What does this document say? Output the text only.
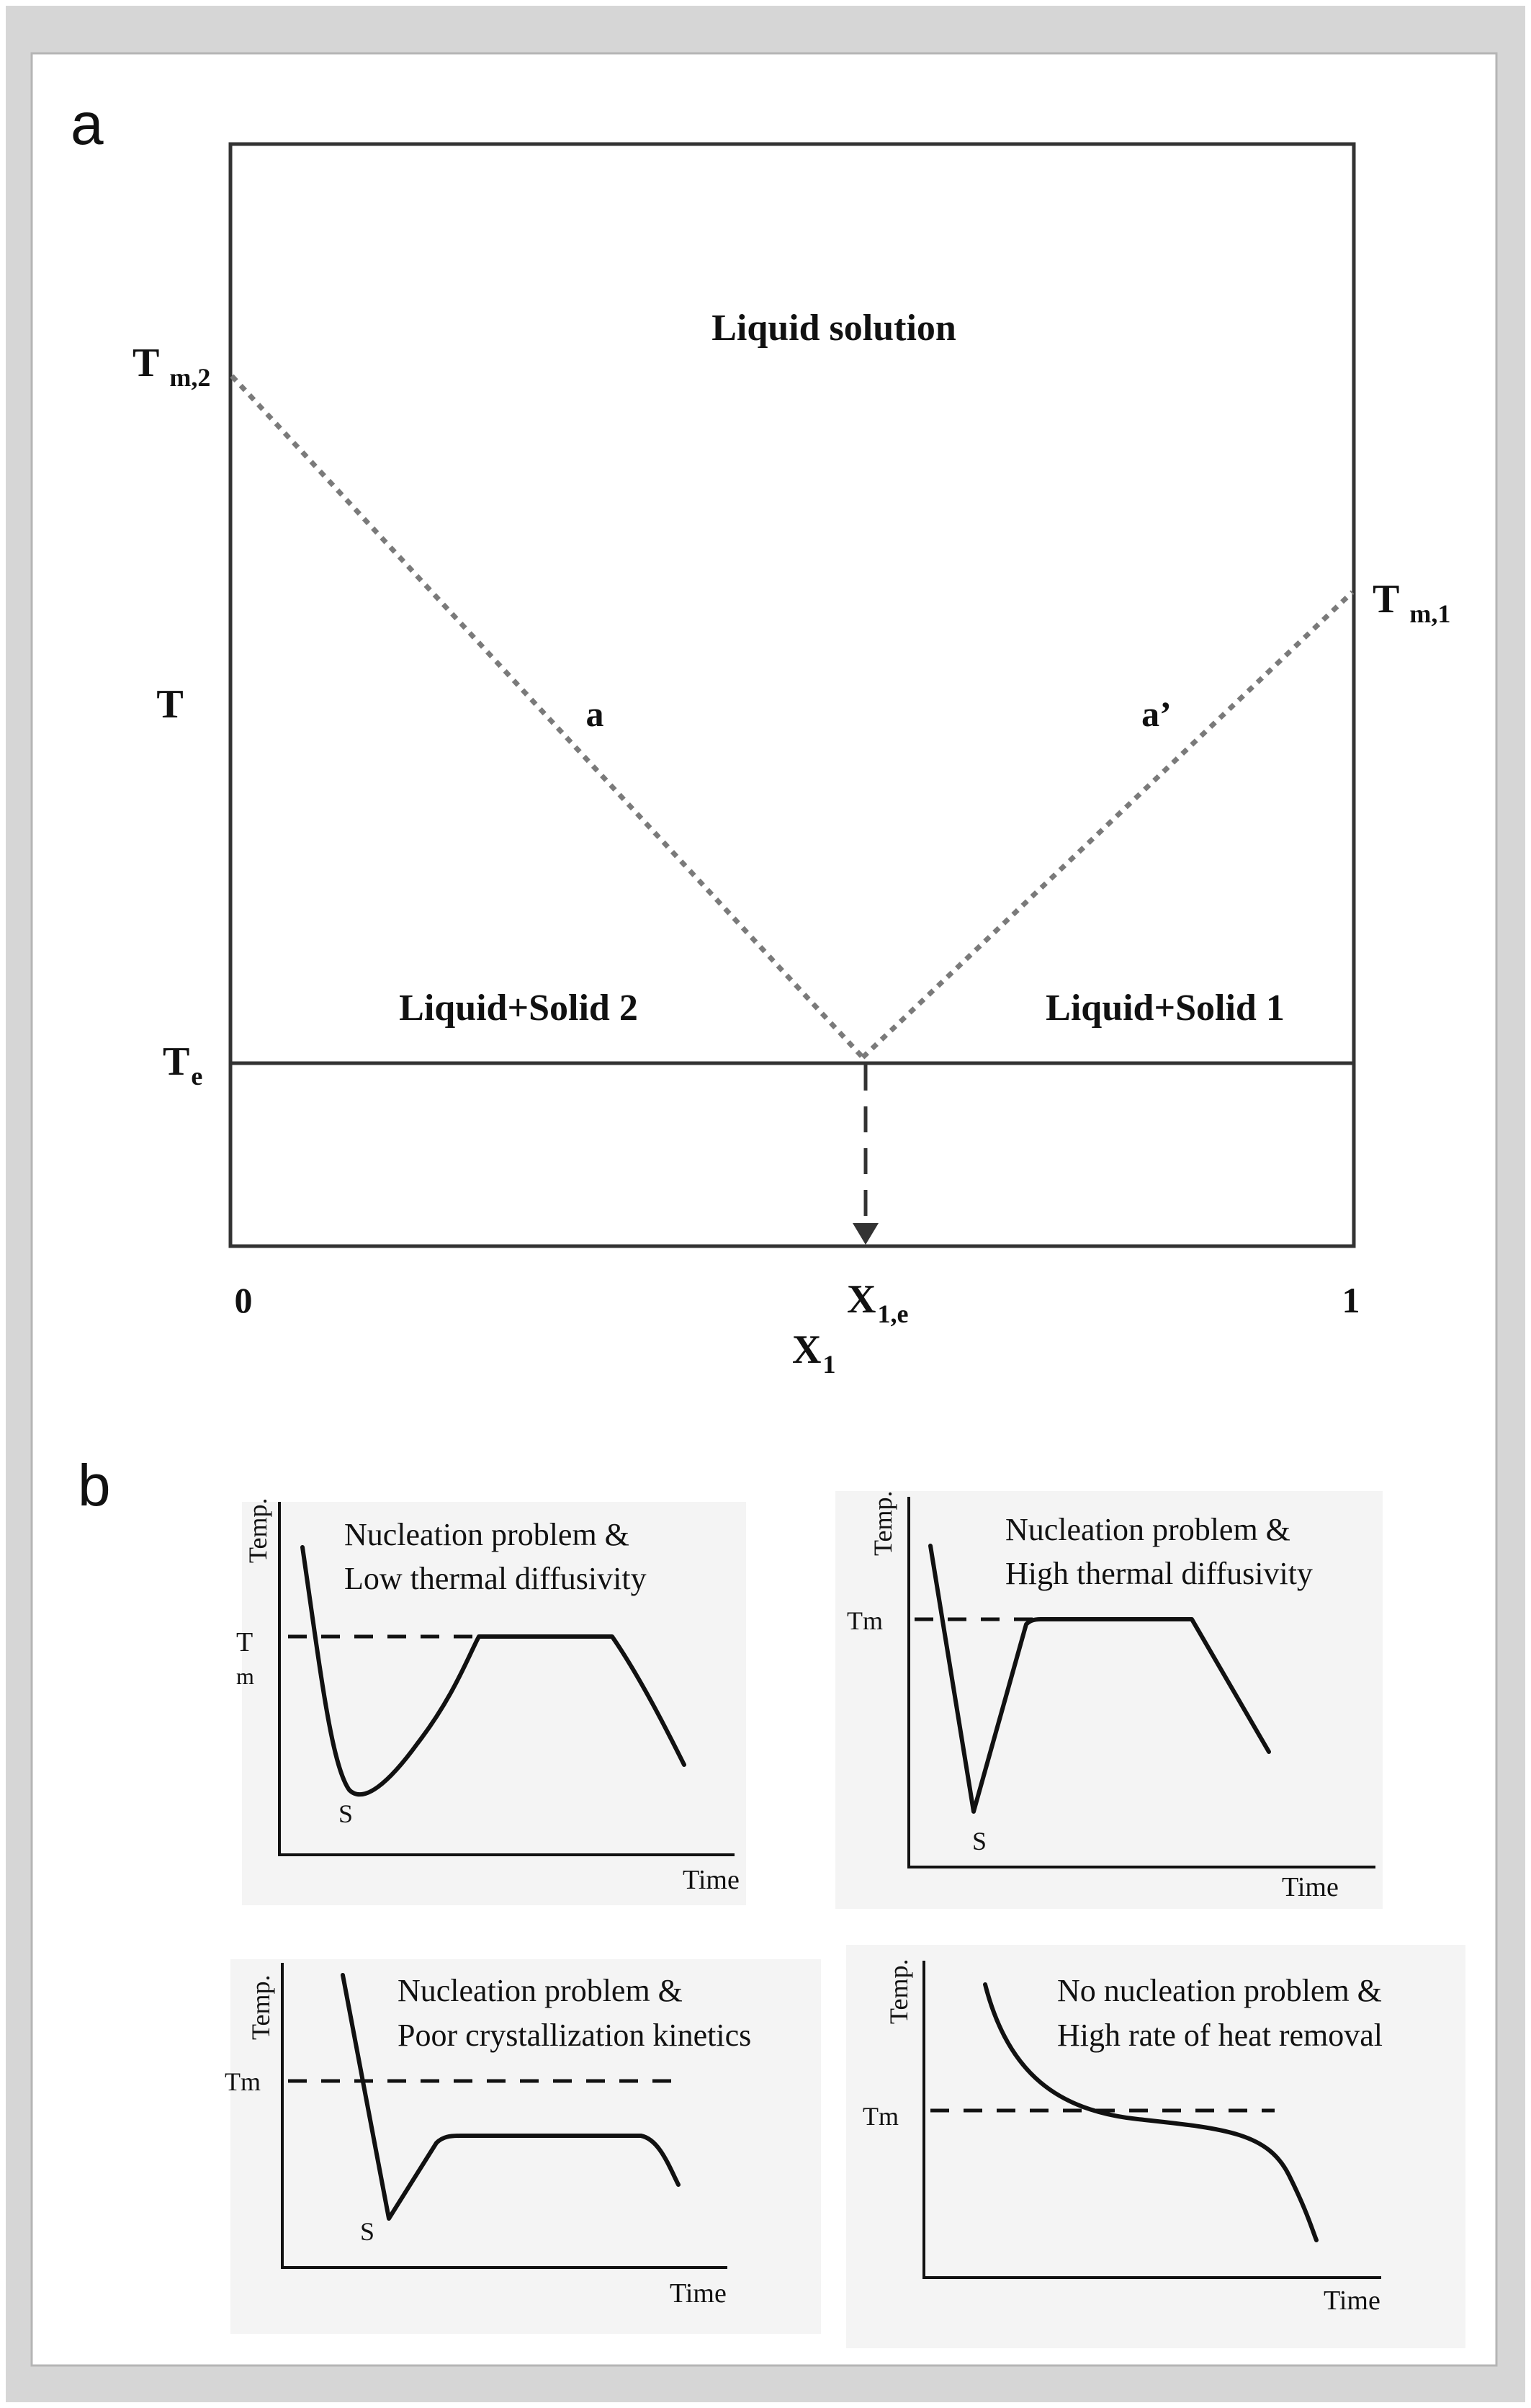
a
Liquid solution
Liquid+Solid 2	Liquid+Solid 1
a	a’
T
T $_{m,2}$
T $_{m,1}$
$T_e$
0	$X_{1,e}$	1
$X_1$
b
Temp.
Time
Nucleation problem &
Low thermal diffusivity
T
m
S
Temp.
Time
Nucleation problem &
High thermal diffusivity
Tm
S
Temp.
Time
Nucleation problem &
Poor crystallization kinetics
Tm
S
Temp.
Time
No nucleation problem &
High rate of heat removal
Tm
